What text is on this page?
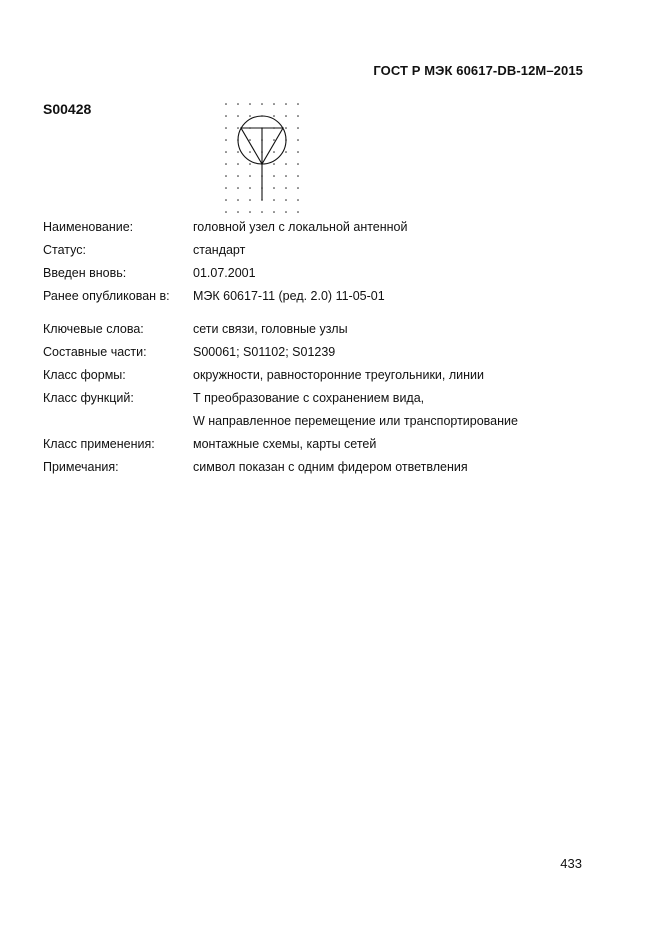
ГОСТ Р МЭК 60617-DB-12M–2015
S00428
Наименование:	головной узел с локальной антенной
Статус:	стандарт
Введен вновь:	01.07.2001
Ранее опубликован в:	МЭК 60617-11 (ред. 2.0) 11-05-01
Ключевые слова:	сети связи, головные узлы
Составные части:	S00061; S01102; S01239
Класс формы:	окружности, равносторонние треугольники, линии
Класс функций:	Т преобразование с сохранением вида,
W направленное перемещение или транспортирование
Класс применения:	монтажные схемы, карты сетей
Примечания:	символ показан с одним фидером ответвления
433
